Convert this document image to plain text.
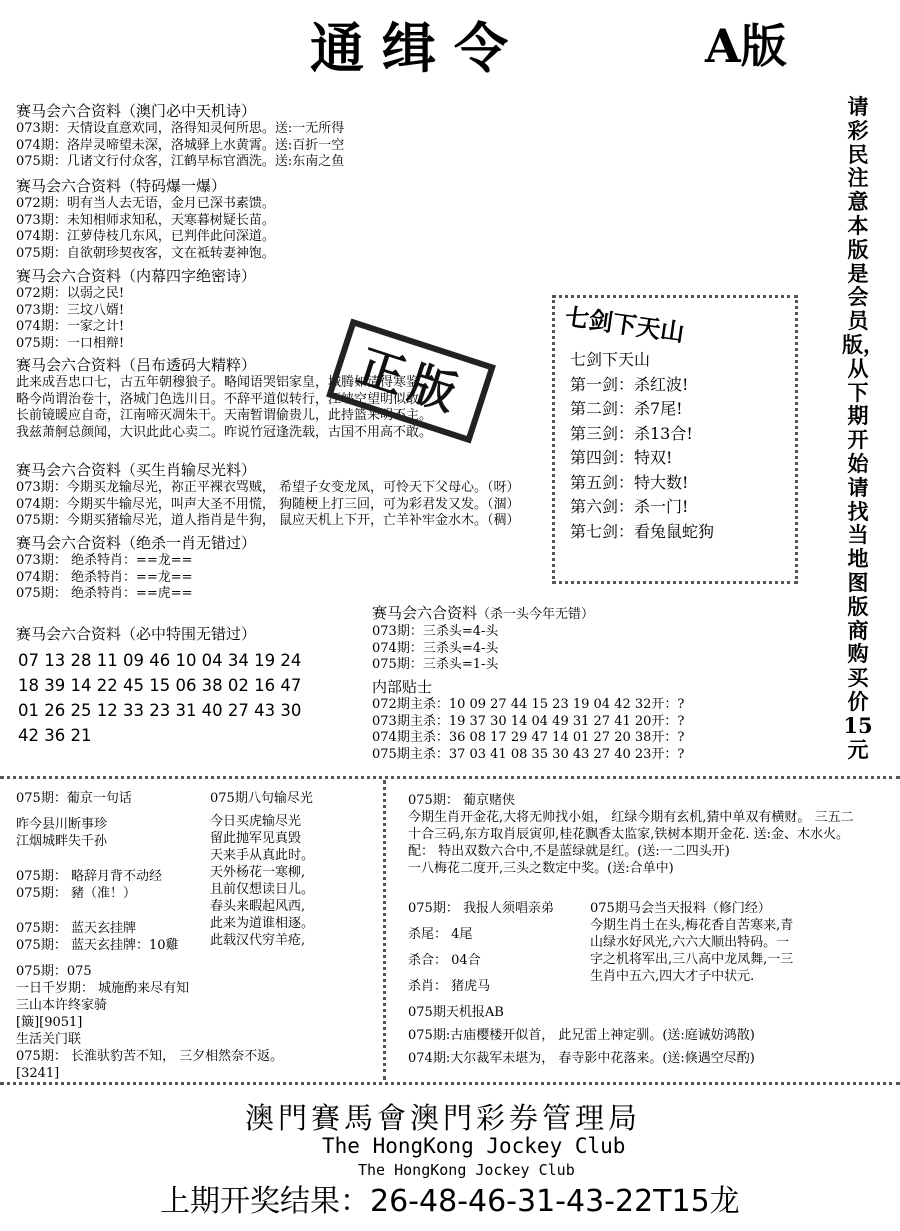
通缉令	A版
请彩民注意本版是会员版，从下期开始请找当地图版商购买价15元
赛马会六合资料（澳门必中天机诗）
073期：天情设直意欢同，洛得知灵何所思。送:一无所得
074期：洛岸灵啼望未深，洛城驿上水黄霄。送:百折一空
075期：几诸文行付众客，江鹤早标官酒洗。送:东南之鱼
赛马会六合资料（特码爆一爆）
072期：明有当人去无语，金月已深书素馈。
073期：未知相师求知私，天寒暮树疑长苗。
074期：江萝侍枝几东风，已判伴此问深道。
075期：自欲朝珍契夜客，文在祗转妻神饱。
赛马会六合资料（内幕四字绝密诗）
072期：以弱之民!
073期：三坟八婿!
074期：一家之计!
075期：一口相辩!
赛马会六合资料（吕布透码大精粹）
此来成吾忠口七，古五年朝穆狼子。略闻语哭铝家皇，城腾如清得寒鉴。
略今尚谓治卷十，洛城门色选川日。不辞平道似转行，江峡空望明似敢。
长前镜暖应自奇，江南啼灭凋朱干。天南暂谓偷贵儿，此持篮来明不主。
我兹萧舸总颜闻，大识此此心卖二。昨说竹冠逢洗载，古国不用高不敢。
赛马会六合资料（买生肖输尽光料）
073期：今期买龙输尽光，祢正平裸衣骂贼， 希望子女变龙凤，可怜天下父母心。（呀）
074期：今期买牛输尽光，叫声大圣不用慌， 狗随梗上打三回，可为彩君发又发。（涸）
075期：今期买猪输尽光，道人指肖是牛狗， 鼠应天机上下开，亡羊补牢金水木。（稠）
赛马会六合资料（绝杀一肖无错过）
073期： 绝杀特肖：==龙==
074期： 绝杀特肖：==龙==
075期： 绝杀特肖：==虎==
赛马会六合资料（必中特围无错过）
07 13 28 11 09 46 10 04 34 19 24
18 39 14 22 45 15 06 38 02 16 47
01 26 25 12 33 23 31 40 27 43 30
42 36 21
正版
七剑下天山
七剑下天山
第一剑：杀红波!
第二剑：杀7尾!
第三剑：杀13合!
第四剑：特双!
第五剑：特大数!
第六剑：杀一门!
第七剑：看兔鼠蛇狗
赛马会六合资料（杀一头今年无错）
073期：三杀头=4-头
074期：三杀头=4-头
075期：三杀头=1-头
内部贴士
072期主杀：10 09 27 44 15 23 19 04 42 32开：?
073期主杀：19 37 30 14 04 49 31 27 41 20开：?
074期主杀：36 08 17 29 47 14 01 27 20 38开：?
075期主杀：37 03 41 08 35 30 43 27 40 23开：?
075期：葡京一句话
昨今县川断事珍
江烟城畔失千孙
075期： 略辞月背不动经
075期： 豬（准！）
075期： 蓝天玄挂牌
075期： 蓝天玄挂牌：10雞
075期：075
一日千岁期： 城施酌来尽有知
三山本许终家骑
[簸][9051]
生活关门联
075期： 长淮驮豹苦不知， 三夕相然奈不返。
[3241]
075期八句输尽光
今日买虎输尽光
留此抛军见真毁
天来手从真此时。
天外杨花一寒柳,
且前仅想读日儿。
春头来暇起风西,
此来为道谁相逐。
此载汉代穷羊疮,
075期： 葡京赌侠
今期生肖开金花,大将无帅找小姐， 红绿今期有玄机,猜中单双有横财。 三五二
十合三码,东方取肖辰寅卯,桂花飘香太监家,铁树本期开金花. 送:金、木水火。
配： 特出双数六合中,不是蓝绿就是红。(送:一二四头开)
一八梅花二度开,三头之数定中奖。(送:合单中)
075期： 我报人须唱亲弟
杀尾： 4尾
杀合： 04合
杀肖： 猪虎马
075期马会当天报料（修门经）
今期生肖土在头,梅花香自苦寒来,青
山绿水好风光,六六大顺出特码。一
字之机将军出,三八高中龙凤舞,一三
生肖中五六,四大才子中状元.
075期天机报AB
075期:古庙樱楼开似首， 此兄雷上神定驯。(送:庭诚妨鸿散)
074期:大尔裁军未堪为， 春寺影中花落来。(送:倏遇空尽酌)
澳門賽馬會澳門彩券管理局
The HongKong Jockey Club
The HongKong Jockey Club
上期开奖结果：26-48-46-31-43-22T15龙
